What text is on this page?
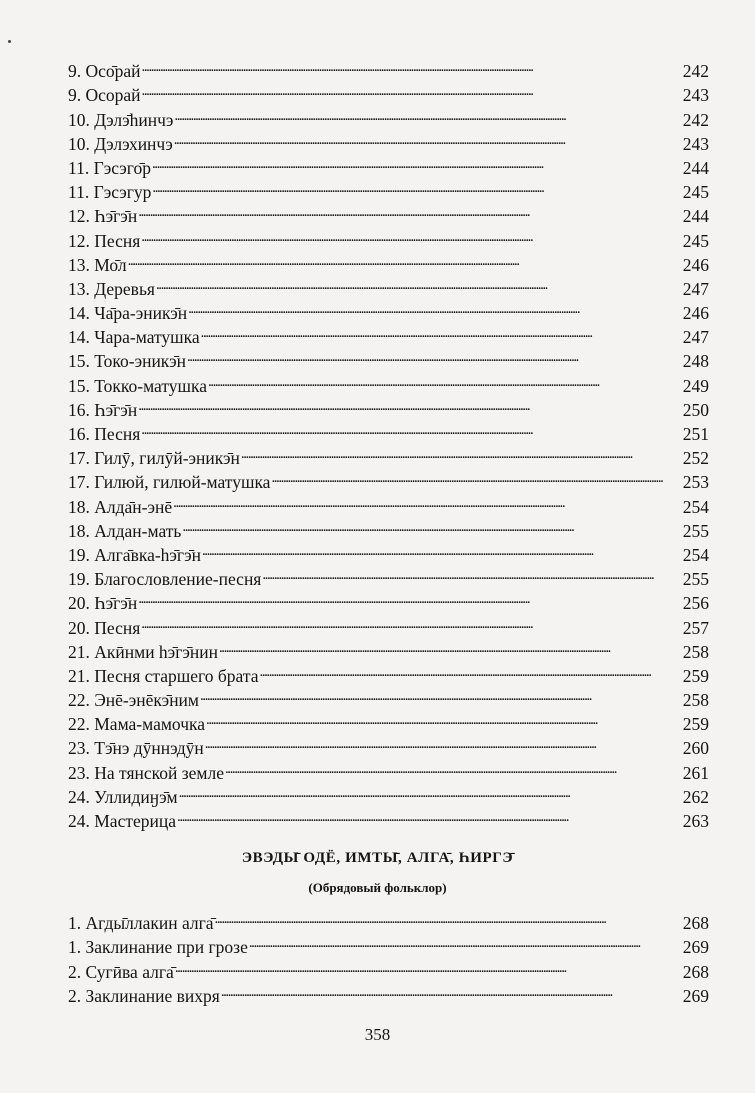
9. Осо̄рай . . .	242
9. Осорай . . .	243
10. Дэлэ̄һинчэ . . .	242
10. Дэлэхинчэ . . .	243
11. Гэсэго̄р . . .	244
11. Гэсэгур . . .	245
12. Һэ̄гэ̄н . . .	244
12. Песня . . .	245
13. Мо̄л . . .	246
13. Деревья . . .	247
14. Ча̄ра-эникэ̄н . . .	246
14. Чара-матушка . . .	247
15. Токо-эникэ̄н . . .	248
15. Токко-матушка . . .	249
16. Һэ̄гэ̄н . . .	250
16. Песня . . .	251
17. Гилӯ, гилӯй-эникэ̄н . . .	252
17. Гилюй, гилюй-матушка . . .	253
18. Алда̄н-энē . . .	254
18. Алдан-мать . . .	255
19. Алга̄вка-һэ̄гэ̄н . . .	254
19. Благословление-песня . . .	255
20. Һэ̄гэ̄н . . .	256
20. Песня . . .	257
21. Акӣнми һэ̄гэ̄нин . . .	258
21. Песня старшего брата . . .	259
22. Энē-энēкэ̄ним . . .	258
22. Мама-мамочка . . .	259
23. Тэ̄нэ дӯннэдӯн . . .	260
23. На тянской земле . . .	261
24. Уллидиӈэ̄м . . .	262
24. Мастерица . . .	263
ЭВЭДЫ̄ ОДЁ, ИМТЫ̄, АЛГА̄, ҺИРГЭ̄
(Обрядовый фольклор)
1. Агды̄ллакин алга̄ . . .	268
1. Заклинание при грозе . . .	269
2. Сугӣва алга̄ . . .	268
2. Заклинание вихря . . .	269
358
